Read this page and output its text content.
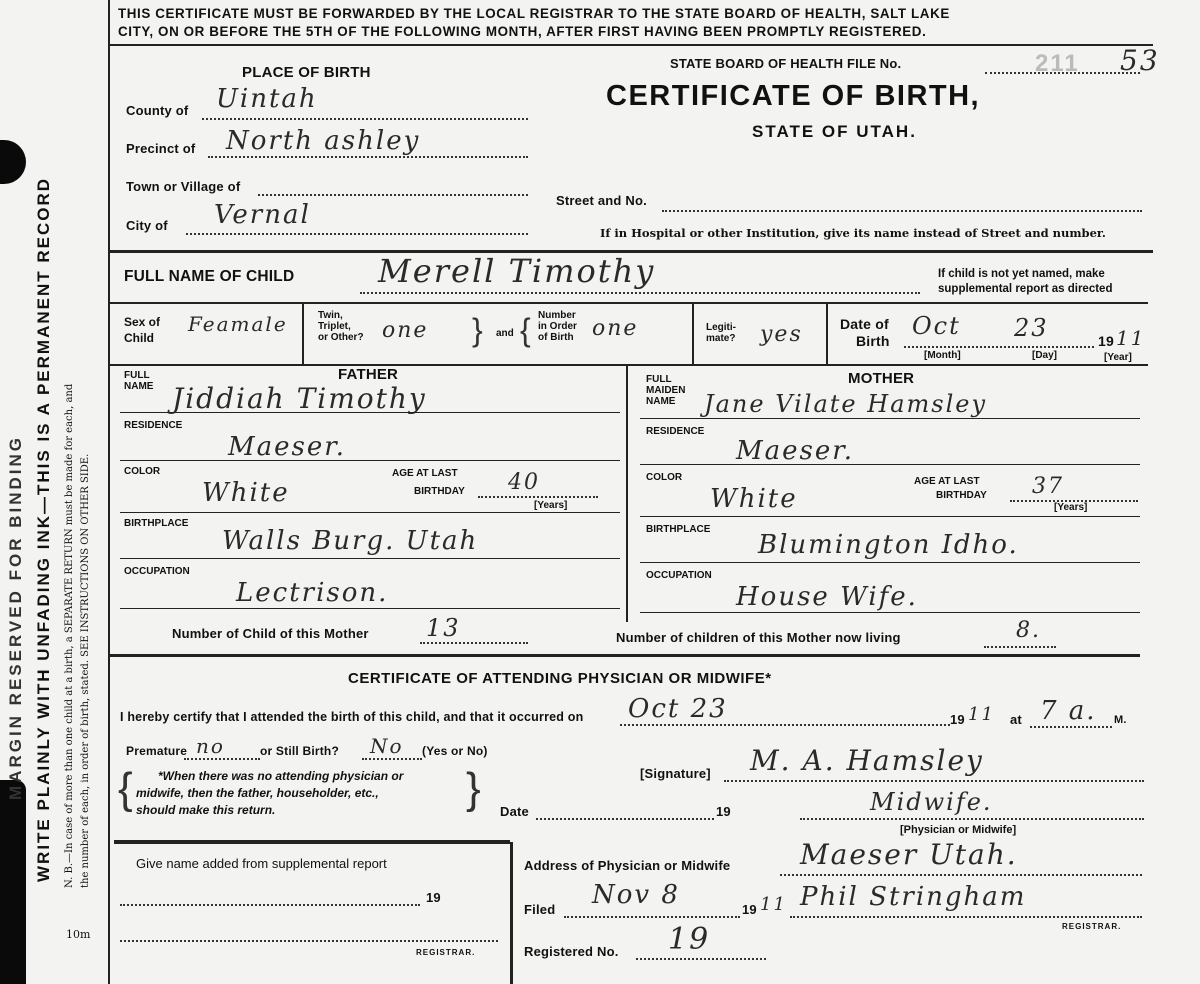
MARGIN RESERVED FOR BINDING WRITE PLAINLY WITH UNFADING INK—THIS IS A PERMANENT RECORD N. B.—In case of more than one child at a birth, a SEPARATE RETURN must be made for each, and the number of each, in order of birth, stated. SEE INSTRUCTIONS ON OTHER SIDE.
10m
THIS CERTIFICATE MUST BE FORWARDED BY THE LOCAL REGISTRAR TO THE STATE BOARD OF HEALTH, SALT LAKE
CITY, ON OR BEFORE THE 5TH OF THE FOLLOWING MONTH, AFTER FIRST HAVING BEEN PROMPTLY REGISTERED.
STATE BOARD OF HEALTH FILE No.	211 53
CERTIFICATE OF BIRTH,
STATE OF UTAH.
PLACE OF BIRTH
County of Uintah
Precinct of North ashley
Town or Village of
City of Vernal	Street and No.
If in Hospital or other Institution, give its name instead of Street and number.
FULL NAME OF CHILD	Merell Timothy	If child is not yet named, make
supplemental report as directed
Sex of
Child
Feamale	Twin,
Triplet,
or Other? one } and { Number
in Order
of Birth one	Legiti-
mate? yes	Date of
Birth
Oct 23	19 11
[Month]	[Day]	[Year]
FATHER
FULL
NAME Jiddiah Timothy
RESIDENCE
Maeser.
COLOR
White
AGE AT LAST
BIRTHDAY 40
[Years]
BIRTHPLACE
Walls Burg. Utah
OCCUPATION
Lectrison.
MOTHER
FULL
MAIDEN
NAME	Jane Vilate Hamsley
RESIDENCE
Maeser.
COLOR
White
AGE AT LAST
BIRTHDAY 37
[Years]
BIRTHPLACE
Blumington Idho.
OCCUPATION
House Wife.
Number of Child of this Mother 13	Number of children of this Mother now living	8.
CERTIFICATE OF ATTENDING PHYSICIAN OR MIDWIFE*
I hereby certify that I attended the birth of this child, and that it occurred on Oct 23	19 11 at 7 a. M.
Premature no	or Still Birth? No (Yes or No)
{	*When there was no attending physician or
midwife, then the father, householder, etc.,
should make this return.	}	[Signature] M. A. Hamsley
Date	19	Midwife.
[Physician or Midwife]
Give name added from supplemental report
19
REGISTRAR.
Address of Physician or Midwife Maeser Utah.
Filed Nov 8	19 11 Phil Stringham
REGISTRAR.
Registered No. 19
